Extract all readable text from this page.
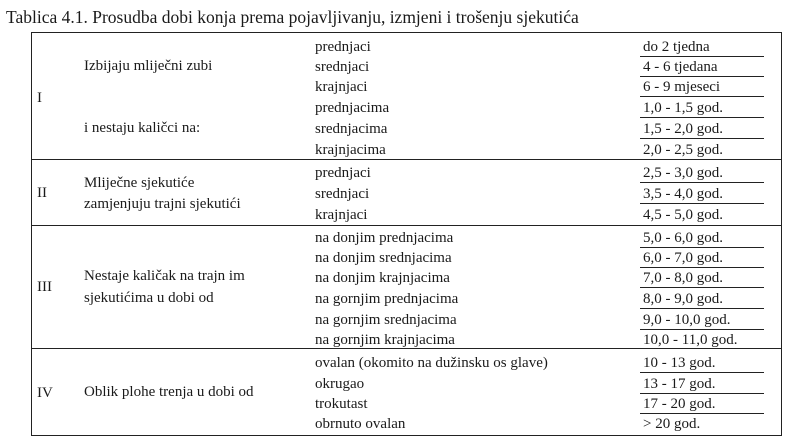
Tablica 4.1. Prosudba dobi konja prema pojavljivanju, izmjeni i trošenju sjekutića
I
Izbijaju mliječni zubi
i nestaju kaličci na:
prednjaci
srednjaci
krajnjaci
prednjacima
srednjacima
krajnjacima
do 2 tjedna
4 - 6 tjedana
6 - 9 mjeseci
1,0 - 1,5 god.
1,5 - 2,0 god.
2,0 - 2,5 god.
II
Mliječne sjekutiće
zamjenjuju trajni sjekutići
prednjaci
srednjaci
krajnjaci
2,5 - 3,0 god.
3,5 - 4,0 god.
4,5 - 5,0 god.
III
Nestaje kaličak na trajn im
sjekutićima u dobi od
na donjim prednjacima
na donjim srednjacima
na donjim krajnjacima
na gornjim prednjacima
na gornjim srednjacima
na gornjim krajnjacima
5,0 - 6,0 god.
6,0 - 7,0 god.
7,0 - 8,0 god.
8,0 - 9,0 god.
9,0 - 10,0 god.
10,0 - 11,0 god.
IV Oblik plohe trenja u dobi od
ovalan (okomito na dužinsku os glave)
okrugao
trokutast
obrnuto ovalan
10 - 13 god.
13 - 17 god.
17 - 20 god.
> 20 god.
